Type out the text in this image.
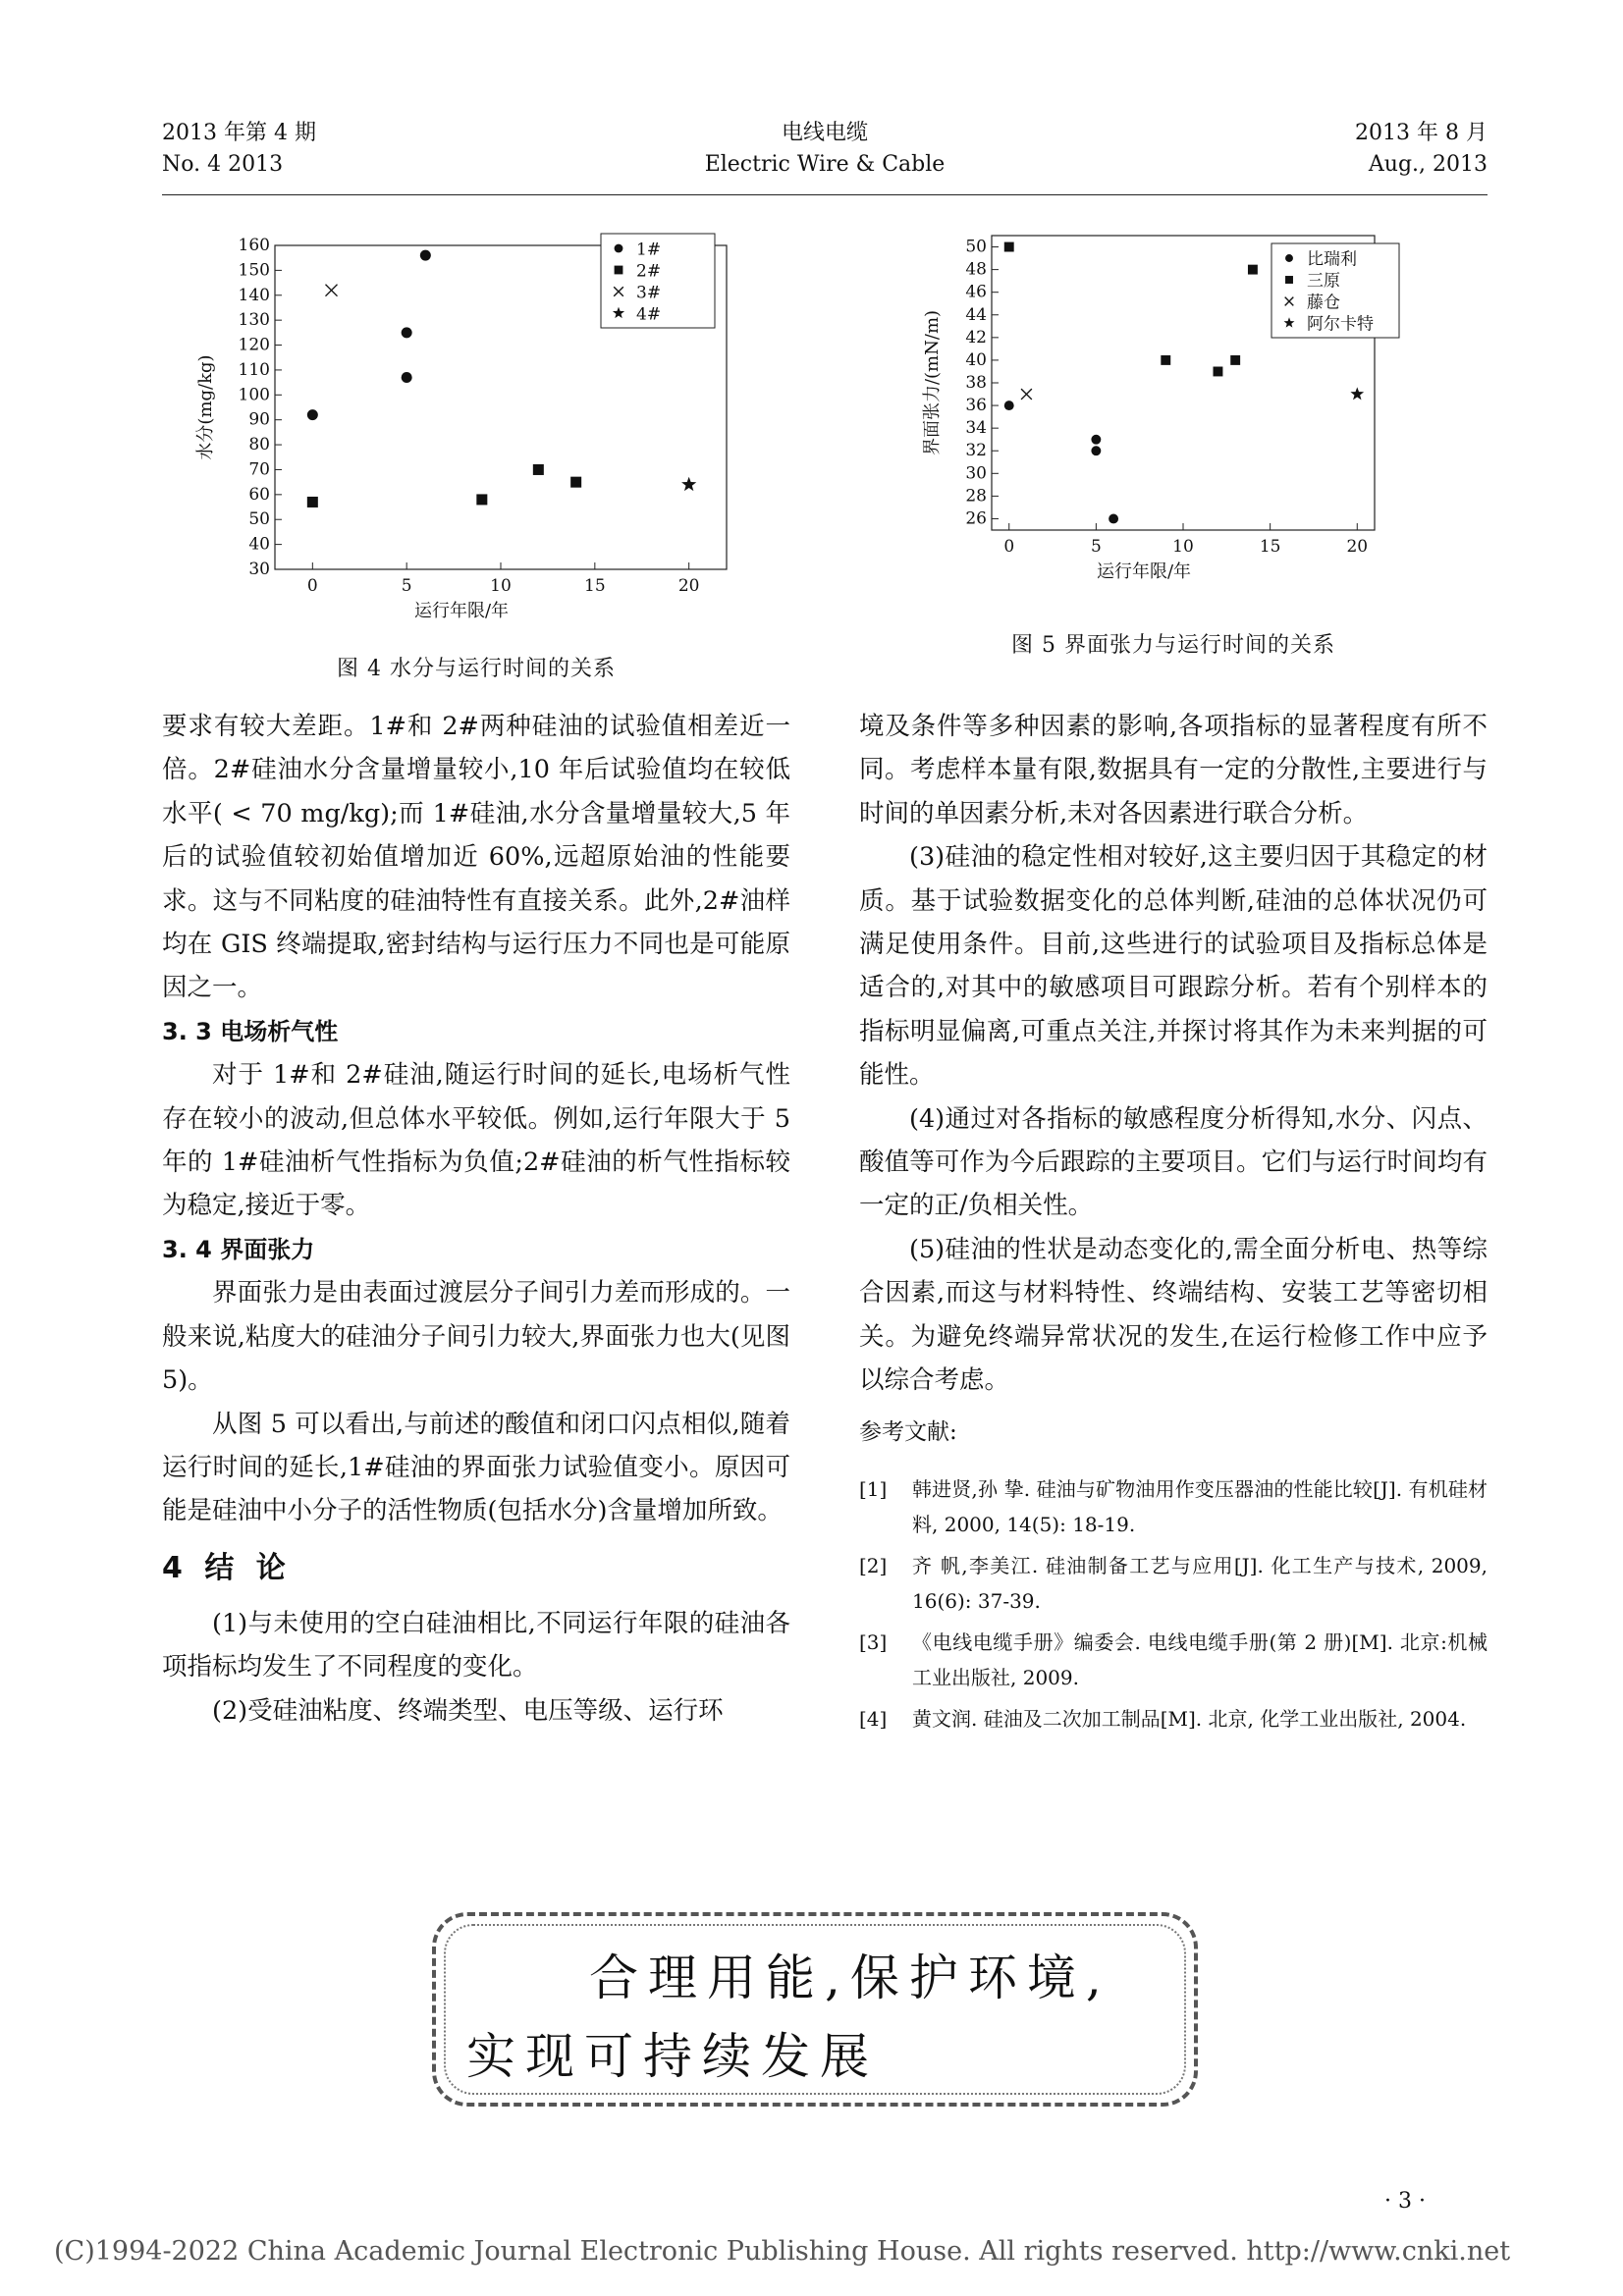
2013 年第 4 期
No. 4 2013
电线电缆
Electric Wire & Cable
2013 年 8 月
Aug., 2013
0	5	10	15	20
30
40
50
60
70
80
90
100
110
120
130
140
150
160
运行年限/年
水分(mg/kg)
1#
2#
3#
4#
图 4 水分与运行时间的关系
0	5	10	15	20
26
28
30
32
34
36
38
40
42
44
46
48
50
运行年限/年
界面张力/(mN/m)
比瑞利
三原
藤仓
阿尔卡特
图 5 界面张力与运行时间的关系

要求有较大差距。1#和 2#两种硅油的试验值相差近一倍。2#硅油水分含量增量较小,10 年后试验值均在较低水平( < 70 mg/kg);而 1#硅油,水分含量增量较大,5 年后的试验值较初始值增加近 60%,远超原始油的性能要求。这与不同粘度的硅油特性有直接关系。此外,2#油样均在 GIS 终端提取,密封结构与运行压力不同也是可能原因之一。

3. 3 电场析气性

对于 1#和 2#硅油,随运行时间的延长,电场析气性存在较小的波动,但总体水平较低。例如,运行年限大于 5 年的 1#硅油析气性指标为负值;2#硅油的析气性指标较为稳定,接近于零。

3. 4 界面张力

界面张力是由表面过渡层分子间引力差而形成的。一般来说,粘度大的硅油分子间引力较大,界面张力也大(见图 5)。

从图 5 可以看出,与前述的酸值和闭口闪点相似,随着运行时间的延长,1#硅油的界面张力试验值变小。原因可能是硅油中小分子的活性物质(包括水分)含量增加所致。

4 结 论

(1)与未使用的空白硅油相比,不同运行年限的硅油各项指标均发生了不同程度的变化。

(2)受硅油粘度、终端类型、电压等级、运行环

境及条件等多种因素的影响,各项指标的显著程度有所不同。考虑样本量有限,数据具有一定的分散性,主要进行与时间的单因素分析,未对各因素进行联合分析。

(3)硅油的稳定性相对较好,这主要归因于其稳定的材质。基于试验数据变化的总体判断,硅油的总体状况仍可满足使用条件。目前,这些进行的试验项目及指标总体是适合的,对其中的敏感项目可跟踪分析。若有个别样本的指标明显偏离,可重点关注,并探讨将其作为未来判据的可能性。

(4)通过对各指标的敏感程度分析得知,水分、闪点、酸值等可作为今后跟踪的主要项目。它们与运行时间均有一定的正/负相关性。

(5)硅油的性状是动态变化的,需全面分析电、热等综合因素,而这与材料特性、终端结构、安装工艺等密切相关。为避免终端异常状况的发生,在运行检修工作中应予以综合考虑。

参考文献:

[1]	韩进贤,孙 挚. 硅油与矿物油用作变压器油的性能比较[J]. 有机硅材料, 2000, 14(5): 18-19.
[2]	齐 帆,李美江. 硅油制备工艺与应用[J]. 化工生产与技术, 2009, 16(6): 37-39.
[3]	《电线电缆手册》编委会. 电线电缆手册(第 2 册)[M]. 北京:机械工业出版社, 2009.
[4]	黄文润. 硅油及二次加工制品[M]. 北京, 化学工业出版社, 2004.
合理用能,保护环境,
实现可持续发展
· 3 ·
(C)1994-2022 China Academic Journal Electronic Publishing House. All rights reserved. http://www.cnki.net
